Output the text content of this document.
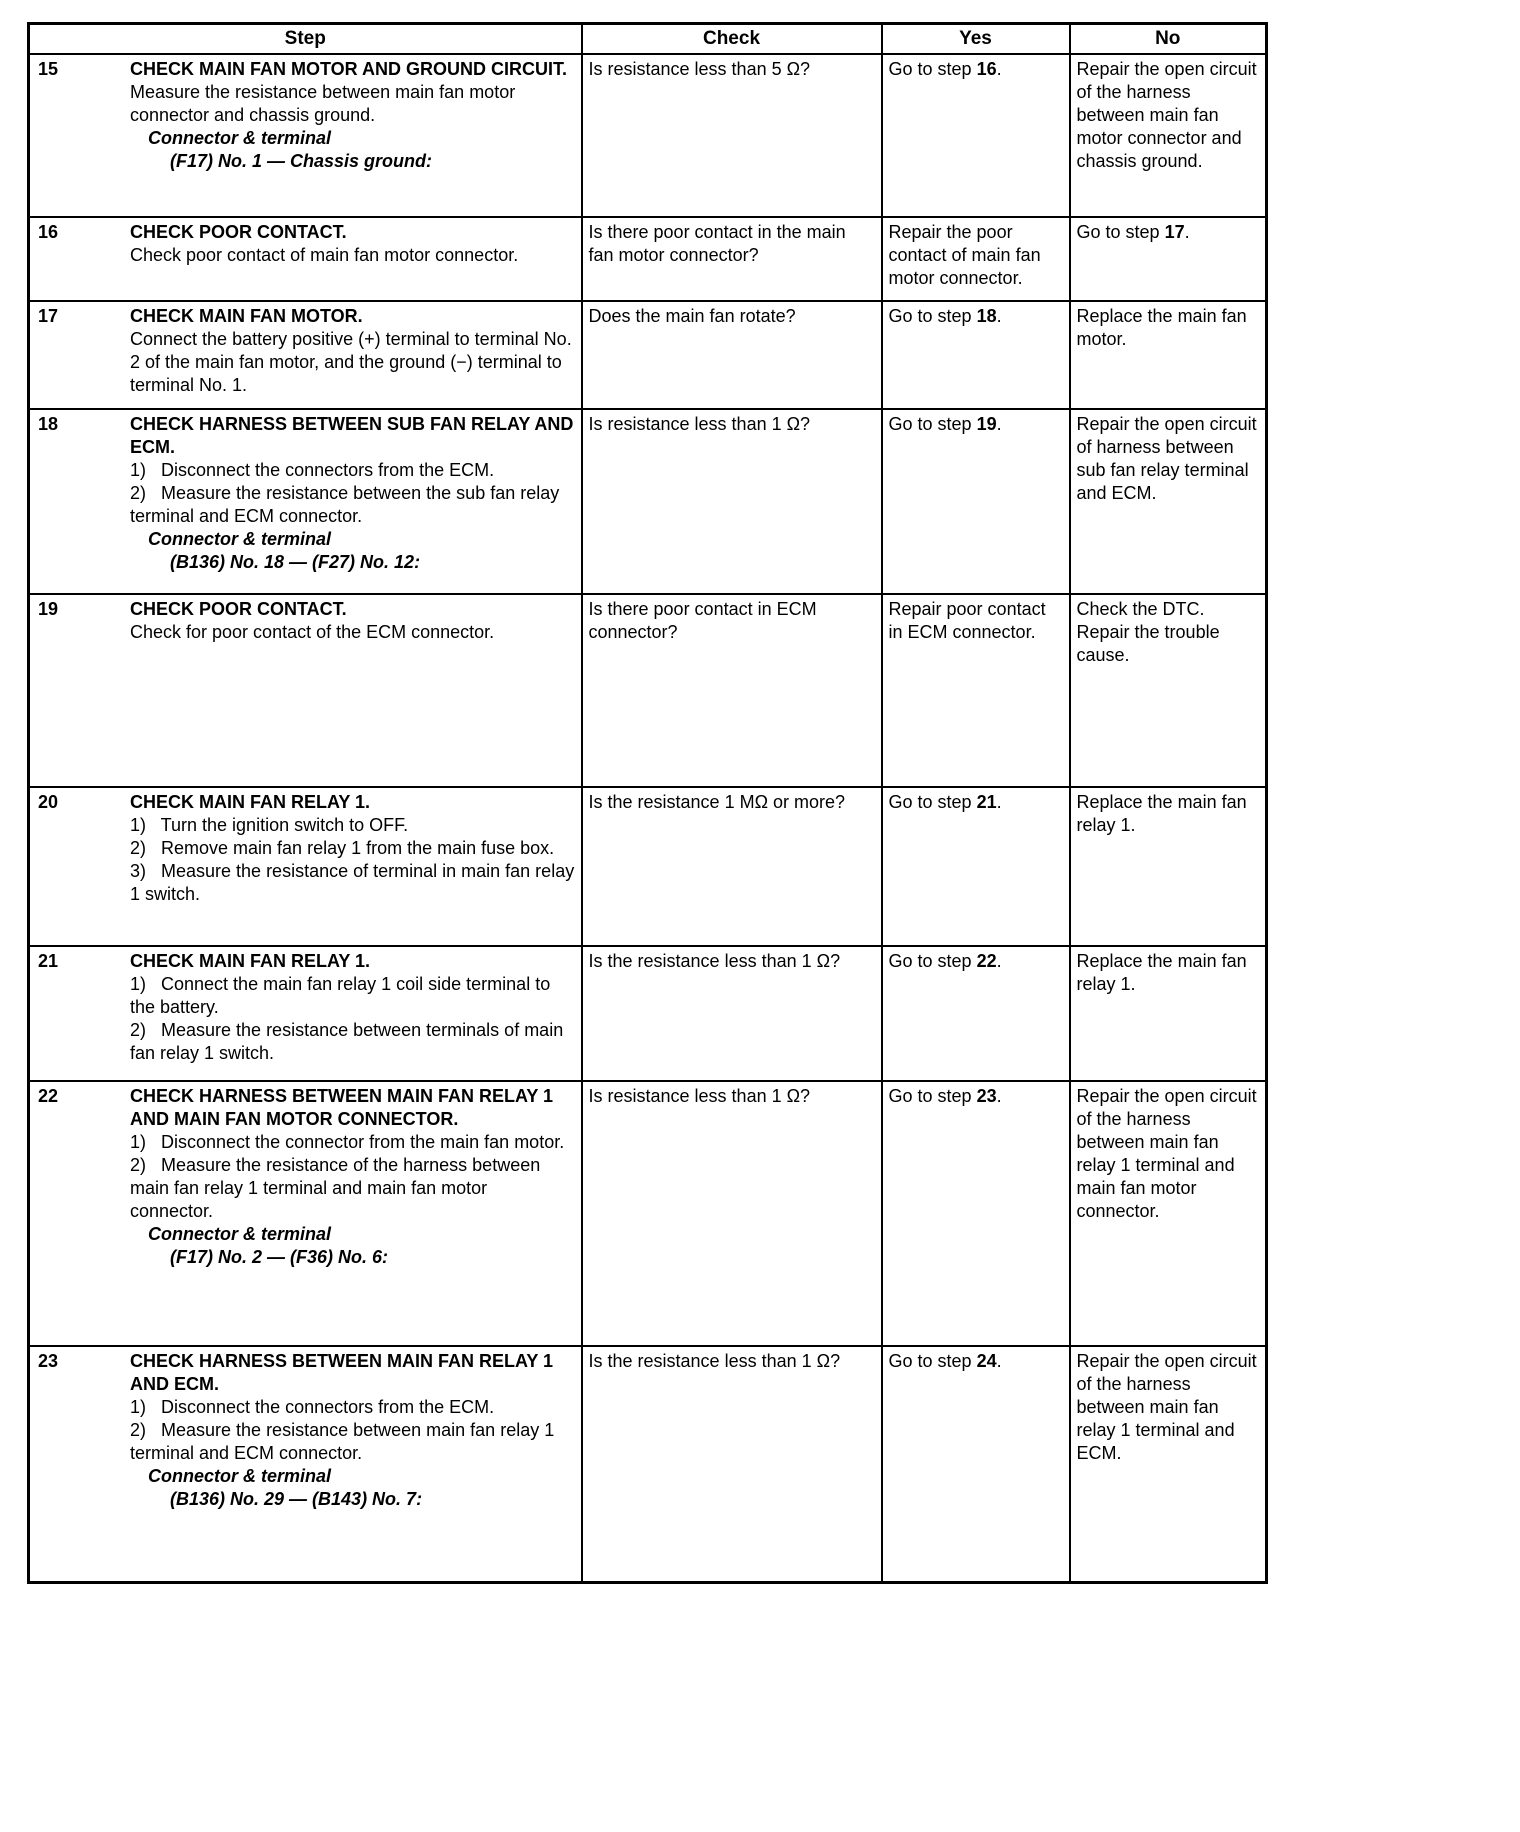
Step	Check	Yes	No

15 CHECK MAIN FAN MOTOR AND GROUND CIRCUIT.
Measure the resistance between main fan motor connector and chassis ground.
Connector & terminal
(F17) No. 1 — Chassis ground:	Is resistance less than 5 Ω?	Go to step 16.	Repair the open circuit of the harness between main fan motor connector and chassis ground.

16 CHECK POOR CONTACT.
Check poor contact of main fan motor connector.	Is there poor contact in the main fan motor connector?	Repair the poor contact of main fan motor connector.	Go to step 17.

17 CHECK MAIN FAN MOTOR.
Connect the battery positive (+) terminal to terminal No. 2 of the main fan motor, and the ground (−) terminal to terminal No. 1.	Does the main fan rotate?	Go to step 18.	Replace the main fan motor.

18	CHECK HARNESS BETWEEN SUB FAN RELAY AND ECM.
1)   Disconnect the connectors from the ECM.
2)   Measure the resistance between the sub fan relay terminal and ECM connector.
Connector & terminal
(B136) No. 18 — (F27) No. 12:
	Is resistance less than 1 Ω?	Go to step 19.	Repair the open circuit of harness between sub fan relay terminal and ECM.

19 CHECK POOR CONTACT.
Check for poor contact of the ECM connector.	Is there poor contact in ECM connector?	Repair poor contact in ECM connector.	Check the DTC. Repair the trouble cause.

20 CHECK MAIN FAN RELAY 1.
1)   Turn the ignition switch to OFF.
2)   Remove main fan relay 1 from the main fuse box.
3)   Measure the resistance of terminal in main fan relay 1 switch.	Is the resistance 1 MΩ or more?	Go to step 21.	Replace the main fan relay 1.

21 CHECK MAIN FAN RELAY 1.
1)   Connect the main fan relay 1 coil side terminal to the battery.
2)   Measure the resistance between terminals of main fan relay 1 switch.	Is the resistance less than 1 Ω?	Go to step 22.	Replace the main fan relay 1.

22	CHECK HARNESS BETWEEN MAIN FAN RELAY 1 AND MAIN FAN MOTOR CONNECTOR.
1)   Disconnect the connector from the main fan motor.
2)   Measure the resistance of the harness between main fan relay 1 terminal and main fan motor connector.
Connector & terminal
(F17) No. 2 — (F36) No. 6:
	Is resistance less than 1 Ω?	Go to step 23.	Repair the open circuit of the harness between main fan relay 1 terminal and main fan motor connector.

23	CHECK HARNESS BETWEEN MAIN FAN RELAY 1 AND ECM.
1)   Disconnect the connectors from the ECM.
2)   Measure the resistance between main fan relay 1 terminal and ECM connector.
Connector & terminal
(B136) No. 29 — (B143) No. 7:
	Is the resistance less than 1 Ω?	Go to step 24.	Repair the open circuit of the harness between main fan relay 1 terminal and ECM.
